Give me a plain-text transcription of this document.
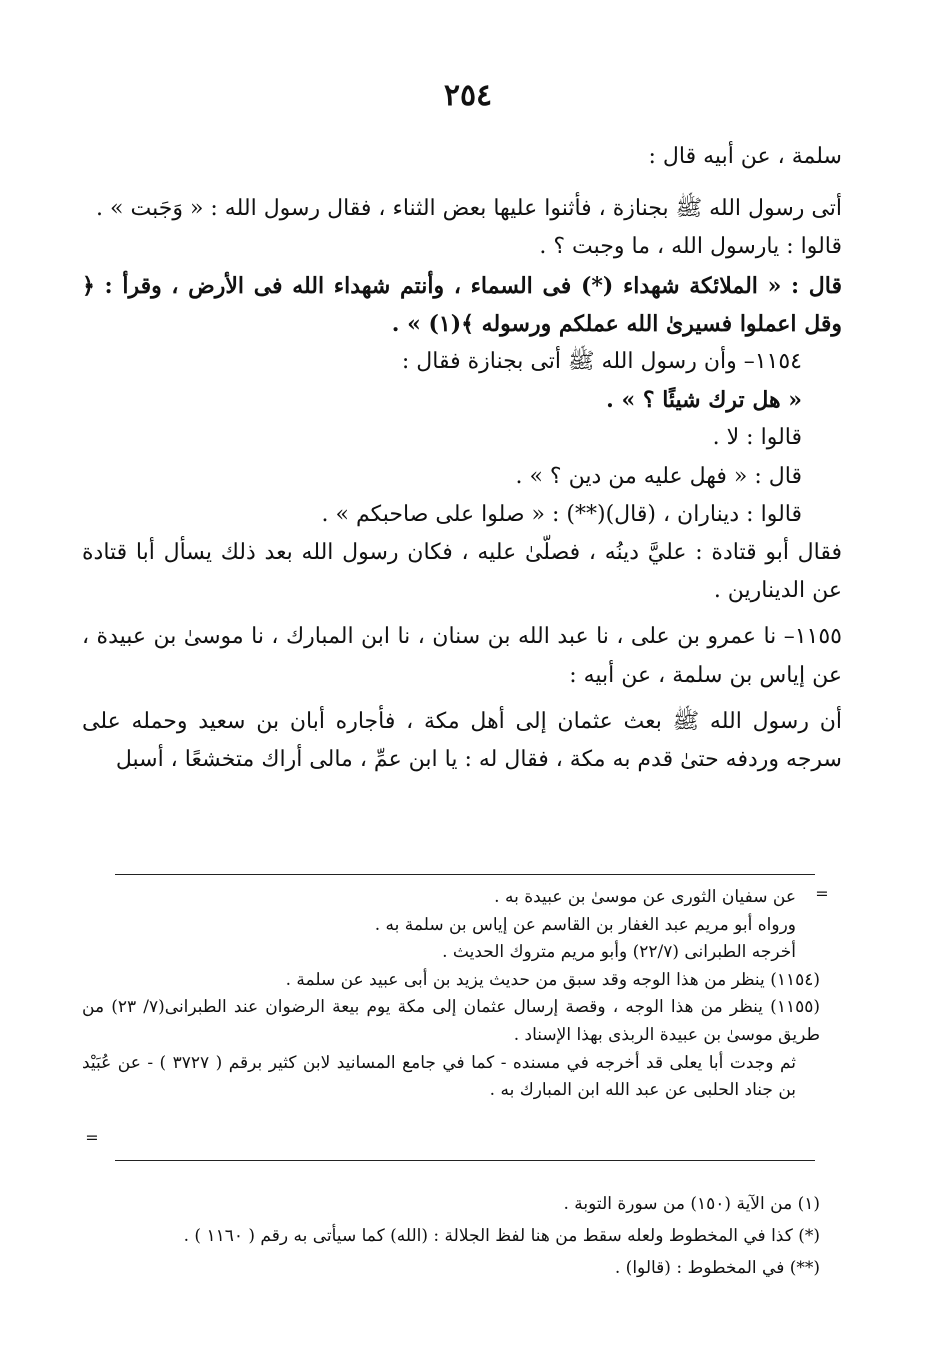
٢٥٤

سلمة ، عن أبيه قال :

أتى رسول الله ﷺ بجنازة ، فأثنوا عليها بعض الثناء ، فقال رسول الله : « وَجَبت » .

قالوا : يارسول الله ، ما وجبت ؟ .

قال : « الملائكة شهداء (*) فى السماء ، وأنتم شهداء الله فى الأرض ، وقرأ : ﴿ وقل اعملوا فسيرىٰ الله عملكم ورسوله ﴾(١) » .

١١٥٤– وأن رسول الله ﷺ أتى بجنازة فقال :

« هل ترك شيئًا ؟ » .

قالوا : لا .

قال : « فهل عليه من دين ؟ » .

قالوا : ديناران ، (قال)(**) : « صلوا على صاحبكم » .

فقال أبو قتادة : عليَّ دينُه ، فصلّىٰ عليه ، فكان رسول الله بعد ذلك يسأل أبا قتادة عن الدينارين .

١١٥٥– نا عمرو بن على ، نا عبد الله بن سنان ، نا ابن المبارك ، نا موسىٰ بن عبيدة ، عن إياس بن سلمة ، عن أبيه :

أن رسول الله ﷺ بعث عثمان إلى أهل مكة ، فأجاره أبان بن سعيد وحمله على سرجه وردفه حتىٰ قدم به مكة ، فقال له : يا ابن عمِّ ، مالى أراك متخشعًا ، أسبل

=

عن سفيان الثورى عن موسىٰ بن عبيدة به .

ورواه أبو مريم عبد الغفار بن القاسم عن إياس بن سلمة به .

أخرجه الطبرانى (٢٢/٧) وأبو مريم متروك الحديث .

(١١٥٤) ينظر من هذا الوجه وقد سبق من حديث يزيد بن أبى عبيد عن سلمة .

(١١٥٥) ينظر من هذا الوجه ، وقصة إرسال عثمان إلى مكة يوم بيعة الرضوان عند الطبرانى(٧/ ٢٣) من طريق موسىٰ بن عبيدة الربذى بهذا الإسناد .

ثم وجدت أبا يعلى قد أخرجه في مسنده - كما في جامع المسانيد لابن كثير برقم ( ٣٧٢٧ ) - عن عُبَيْد بن جناد الحلبى عن عبد الله ابن المبارك به .

=

(١) من الآية (١٥٠) من سورة التوبة .

(*) كذا في المخطوط ولعله سقط من هنا لفظ الجلالة : (الله) كما سيأتى به رقم ( ١١٦٠ ) .

(**) في المخطوط : (قالوا) .
